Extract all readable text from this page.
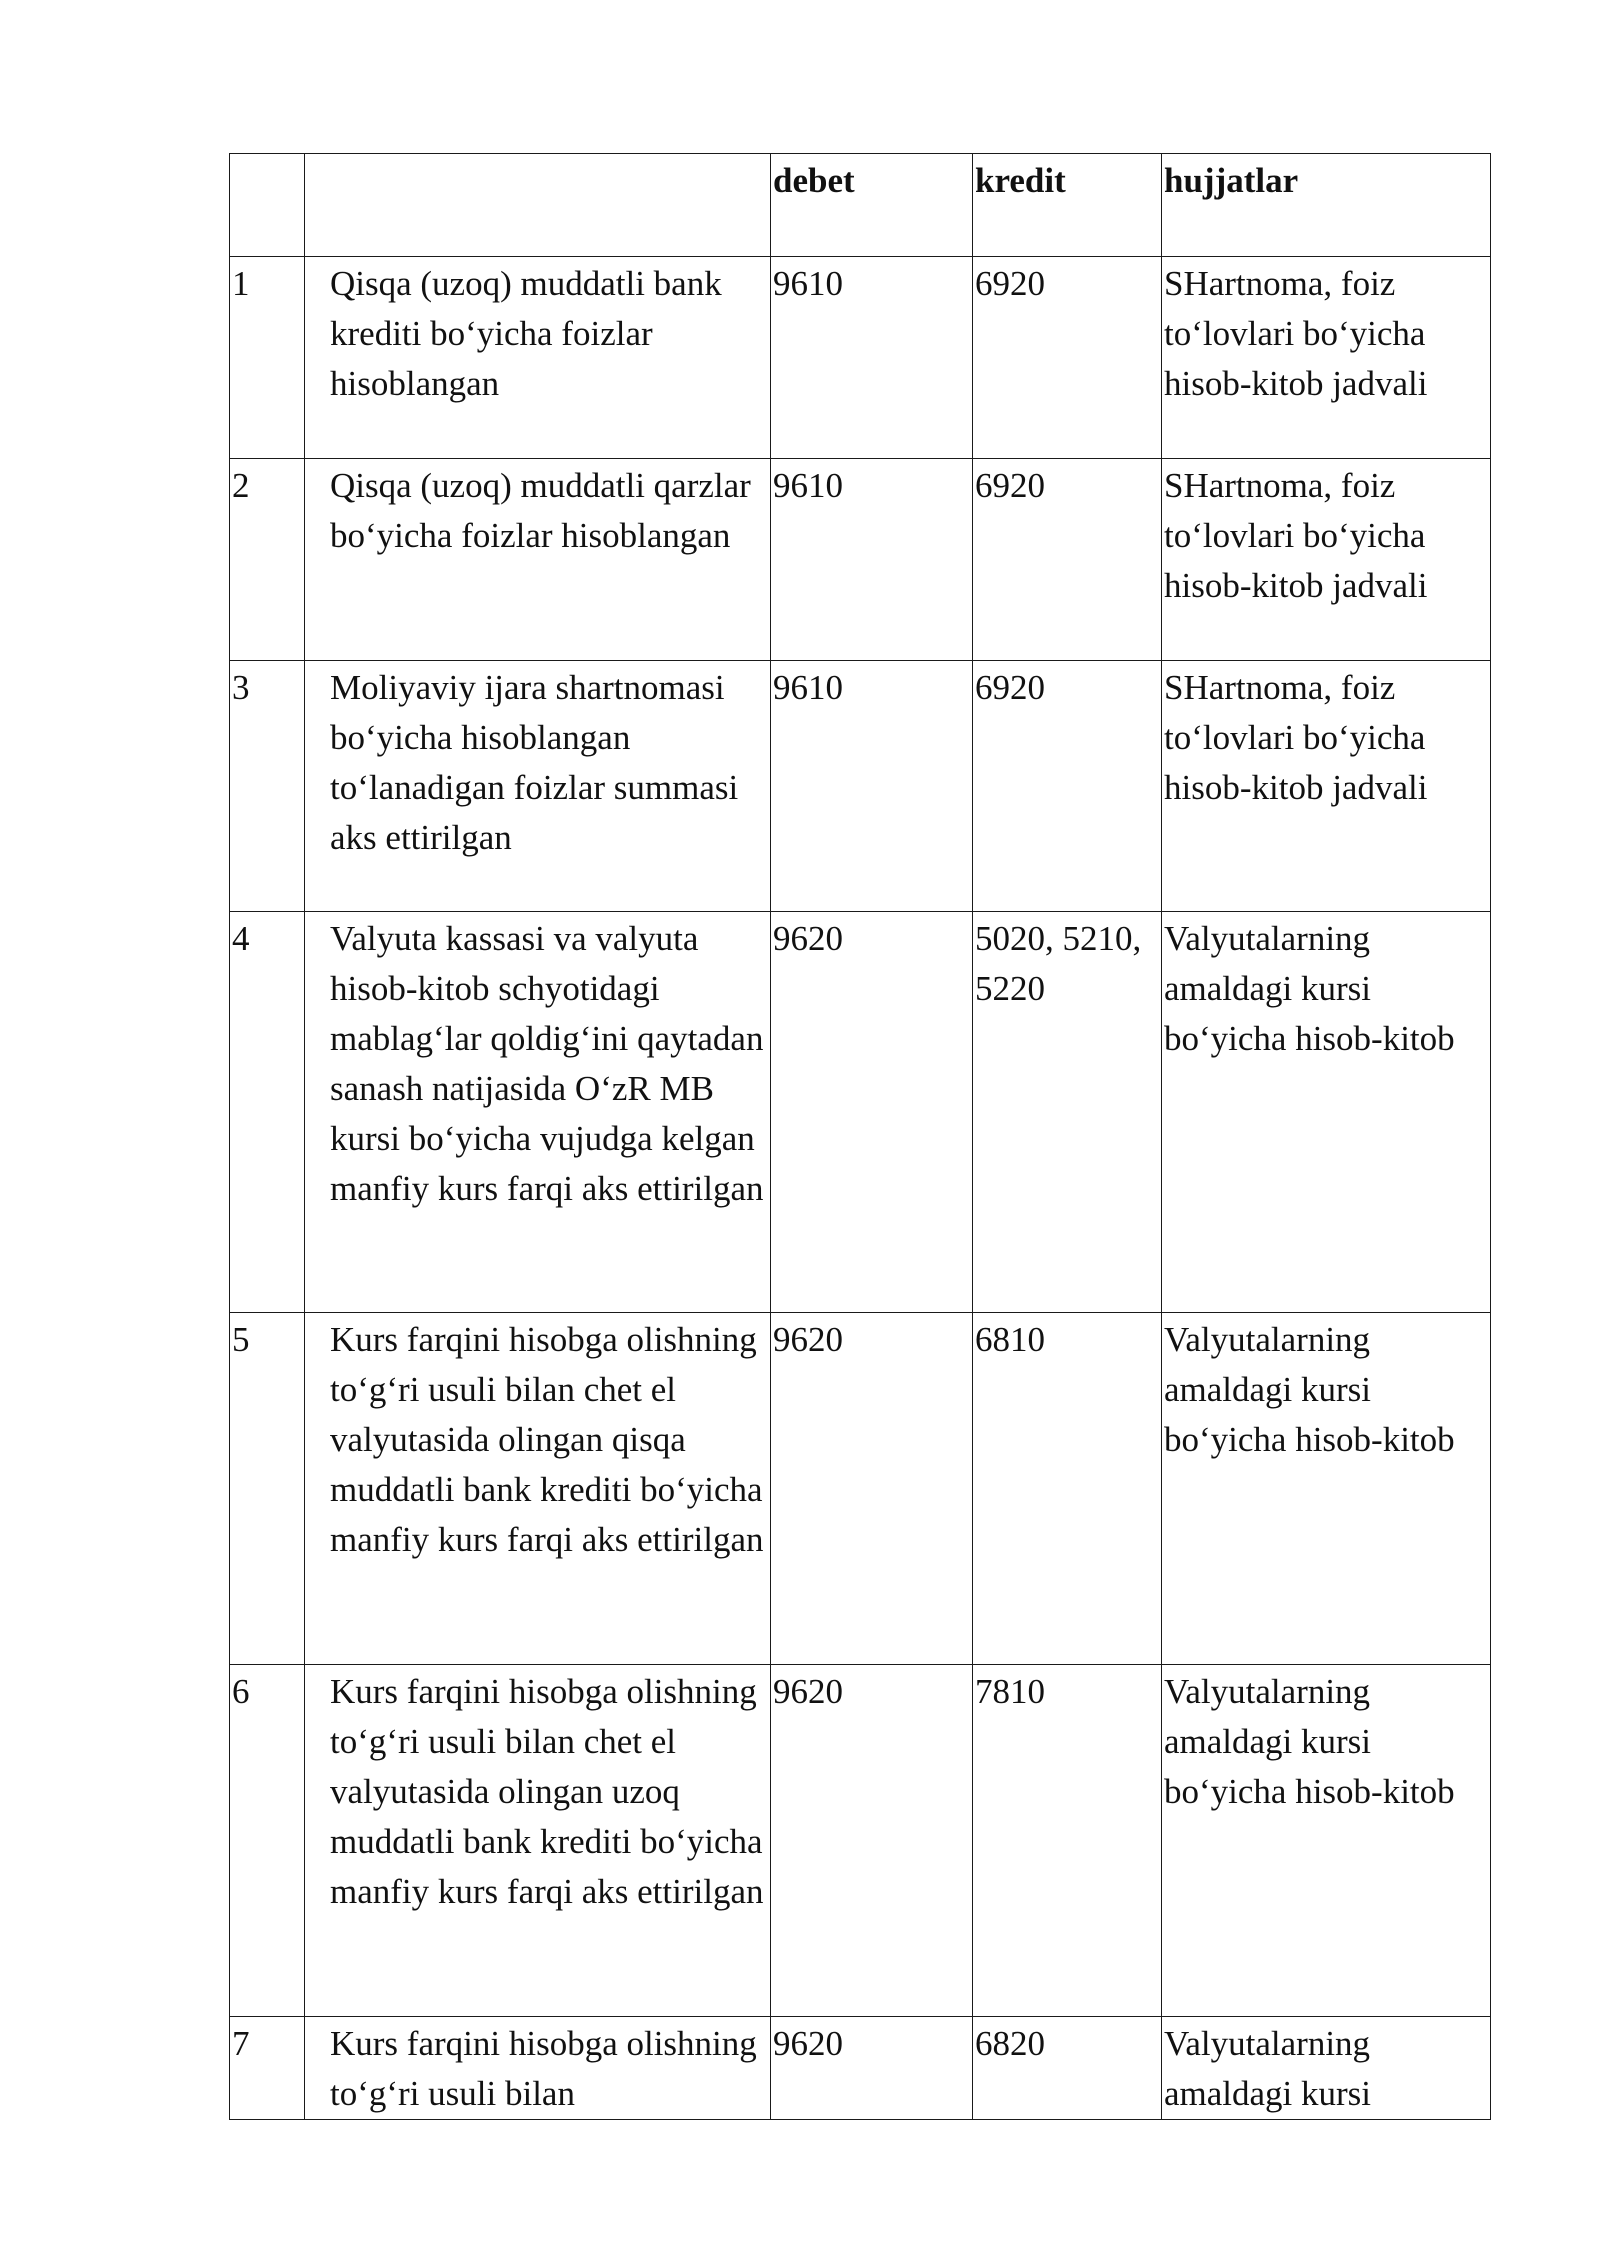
		debet	kredit	hujjatlar
1	Qisqa (uzoq) muddatli bank krediti bo‘yicha foizlar hisoblangan	9610	6920	SHartnoma, foiz to‘lovlari bo‘yicha hisob-kitob jadvali
2	Qisqa (uzoq) muddatli qarzlar bo‘yicha foizlar hisoblangan	9610	6920	SHartnoma, foiz to‘lovlari bo‘yicha hisob-kitob jadvali
3	Moliyaviy ijara shartnomasi bo‘yicha hisoblangan to‘lanadigan foizlar summasi aks ettirilgan	9610	6920	SHartnoma, foiz to‘lovlari bo‘yicha hisob-kitob jadvali
4	Valyuta kassasi va valyuta hisob-kitob schyotidagi mablag‘lar qoldig‘ini qaytadan sanash natijasida O‘zR MB kursi bo‘yicha vujudga kelgan manfiy kurs farqi aks ettirilgan	9620	5020, 5210, 5220	Valyutalarning amaldagi kursi bo‘yicha hisob-kitob
5	Kurs farqini hisobga olishning to‘g‘ri usuli bilan chet el valyutasida olingan qisqa muddatli bank krediti bo‘yicha manfiy kurs farqi aks ettirilgan	9620	6810	Valyutalarning amaldagi kursi bo‘yicha hisob-kitob
6	Kurs farqini hisobga olishning to‘g‘ri usuli bilan chet el valyutasida olingan uzoq muddatli bank krediti bo‘yicha manfiy kurs farqi aks ettirilgan	9620	7810	Valyutalarning amaldagi kursi bo‘yicha hisob-kitob
7	Kurs farqini hisobga olishning to‘g‘ri usuli bilan	9620	6820	Valyutalarning amaldagi kursi
